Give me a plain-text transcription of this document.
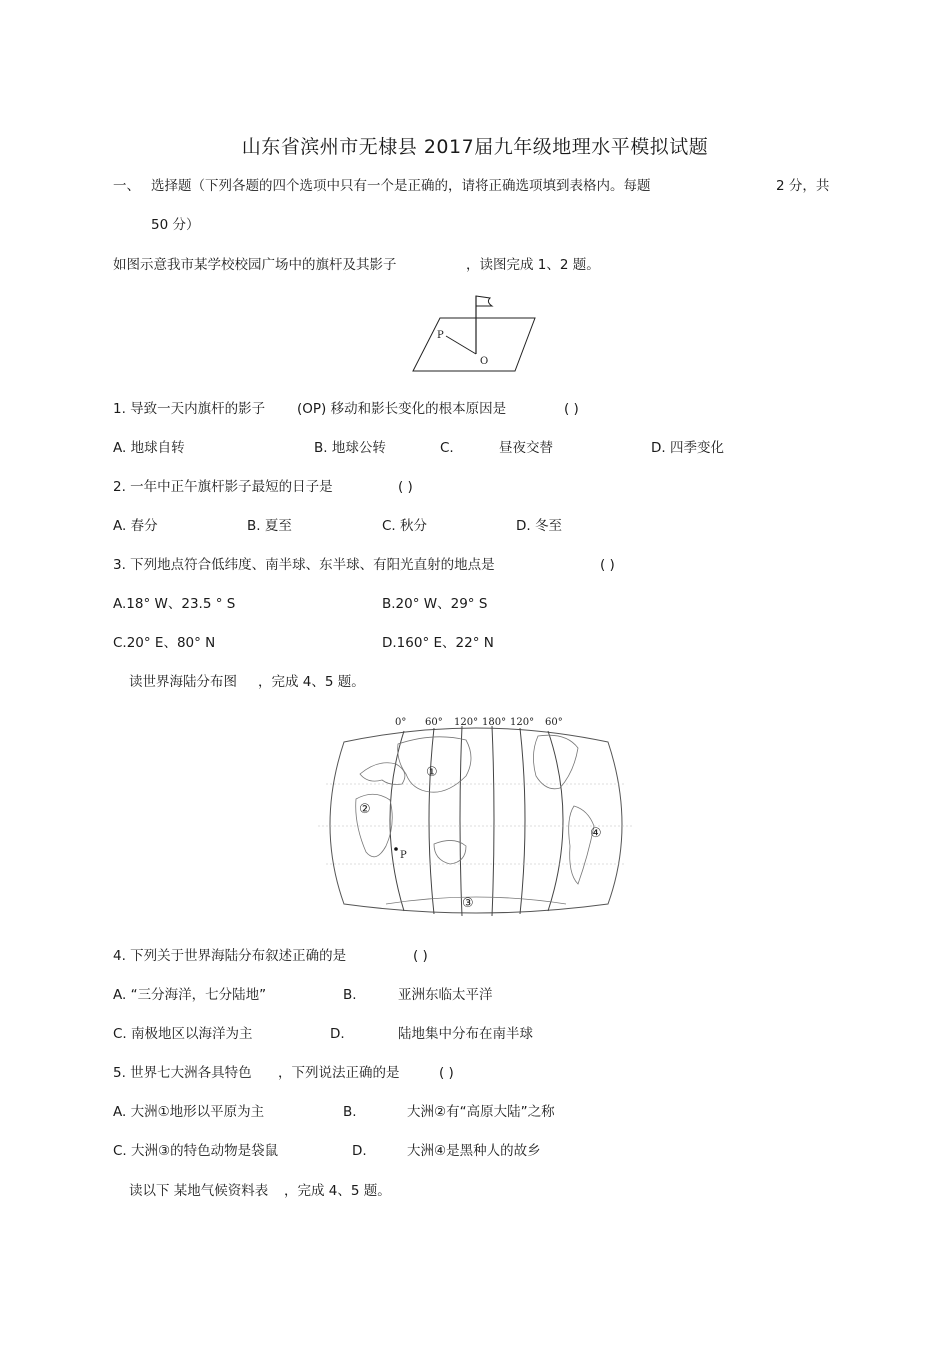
山东省滨州市无棣县 2017届九年级地理水平模拟试题
一、 选择题（下列各题的四个选项中只有一个是正确的，请将正确选项填到表格内。每题	2 分，共
50 分）
如图示意我市某学校校园广场中的旗杆及其影子	，读图完成 1、2 题。
P
O
1. 导致一天内旗杆的影子 (OP) 移动和影长变化的根本原因是	( )
A. 地球自转	B. 地球公转	C.	昼夜交替	D. 四季变化
2. 一年中正午旗杆影子最短的日子是	( )
A. 春分	B. 夏至	C. 秋分	D. 冬至
3. 下列地点符合低纬度、南半球、东半球、有阳光直射的地点是	( )
A.18° W、23.5 ° S	B.20° W、29° S
C.20° E、80° N	D.160° E、22° N
读世界海陆分布图 ，完成 4、5 题。
0° 60° 120° 180° 120° 60°
①
②
③
④
P
4. 下列关于世界海陆分布叙述正确的是	( )
A. “三分海洋，七分陆地”	B.	亚洲东临太平洋
C. 南极地区以海洋为主	D.	陆地集中分布在南半球
5. 世界七大洲各具特色 ，下列说法正确的是	( )
A. 大洲①地形以平原为主	B.	大洲②有“高原大陆”之称
C. 大洲③的特色动物是袋鼠	D.	大洲④是黑种人的故乡
读以下 某地气候资料表 ，完成 4、5 题。
